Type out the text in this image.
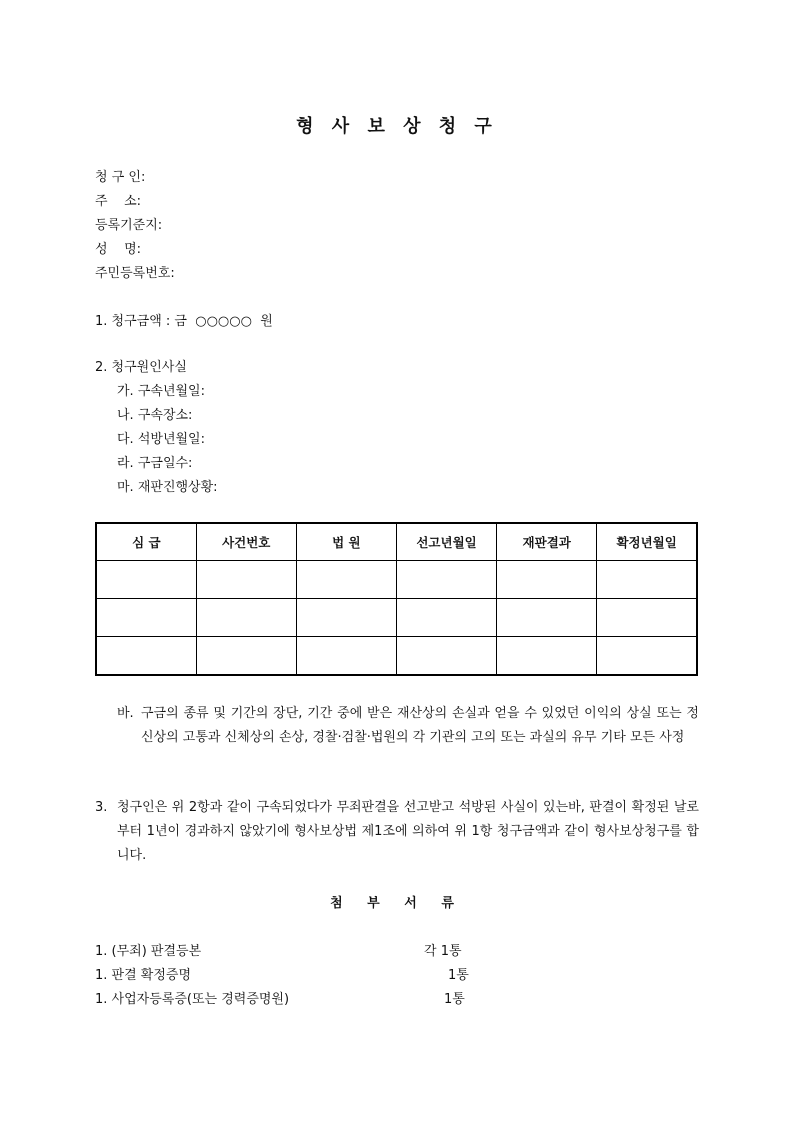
형 사 보 상 청 구
청 구 인:
주    소:
등록기준지:
성    명:
주민등록번호:
1. 청구금액 : 금  ○○○○○  원
2. 청구원인사실
가. 구속년월일:
나. 구속장소:
다. 석방년월일:
라. 구금일수:
마. 재판진행상황:
심 급	사건번호	법 원	선고년월일	재판결과	확정년월일

바. 구금의 종류 및 기간의 장단, 기간 중에 받은 재산상의 손실과 얻을 수 있었던 이익의 상실 또는 정신상의 고통과 신체상의 손상, 경찰·검찰·법원의 각 기관의 고의 또는 과실의 유무 기타 모든 사정
3. 청구인은 위 2항과 같이 구속되었다가 무죄판결을 선고받고 석방된 사실이 있는바, 판결이 확정된 날로부터 1년이 경과하지 않았기에 형사보상법 제1조에 의하여 위 1항 청구금액과 같이 형사보상청구를 합니다.
첨 부 서 류
1. (무죄) 판결등본	각 1통
1. 판결 확정증명	1통
1. 사업자등록증(또는 경력증명원)	1통
